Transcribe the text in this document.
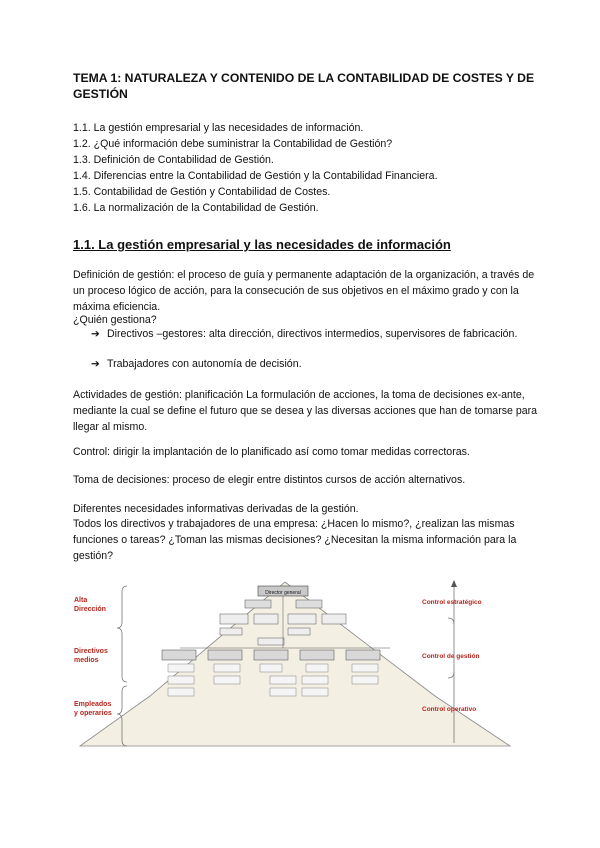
TEMA 1: NATURALEZA Y CONTENIDO DE LA CONTABILIDAD DE COSTES Y DE GESTIÓN
1.1. La gestión empresarial y las necesidades de información.
1.2. ¿Qué información debe suministrar la Contabilidad de Gestión?
1.3. Definición de Contabilidad de Gestión.
1.4. Diferencias entre la Contabilidad de Gestión y la Contabilidad Financiera.
1.5. Contabilidad de Gestión y Contabilidad de Costes.
1.6. La normalización de la Contabilidad de Gestión.
1.1. La gestión empresarial y las necesidades de información
Definición de gestión: el proceso de guía y permanente adaptación de la organización, a través de un proceso lógico de acción, para la consecución de sus objetivos en el máximo grado y con la máxima eficiencia.
¿Quién gestiona?
➔ Directivos –gestores: alta dirección, directivos intermedios, supervisores de fabricación.
➔ Trabajadores con autonomía de decisión.
Actividades de gestión: planificación La formulación de acciones, la toma de decisiones ex-ante, mediante la cual se define el futuro que se desea y las diversas acciones que han de tomarse para llegar al mismo.
Control: dirigir la implantación de lo planificado así como tomar medidas correctoras.
Toma de decisiones: proceso de elegir entre distintos cursos de acción alternativos.
Diferentes necesidades informativas derivadas de la gestión.
Todos los directivos y trabajadores de una empresa: ¿Hacen lo mismo?, ¿realizan las mismas funciones o tareas? ¿Toman las mismas decisiones? ¿Necesitan la misma información para la gestión?
Director general
Alta
Dirección
Directivos
medios
Empleados
y operarios
Control estratégico
Control de gestión
Control operativo
